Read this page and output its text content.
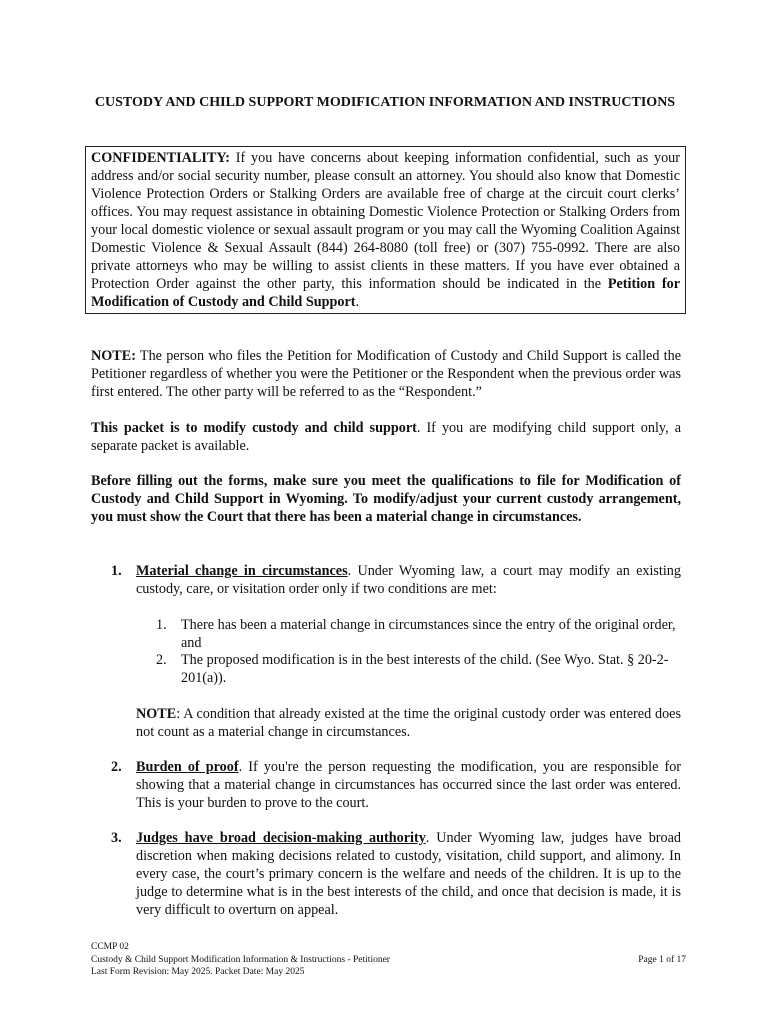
CUSTODY AND CHILD SUPPORT MODIFICATION INFORMATION AND INSTRUCTIONS
CONFIDENTIALITY: If you have concerns about keeping information confidential, such as your address and/or social security number, please consult an attorney. You should also know that Domestic Violence Protection Orders or Stalking Orders are available free of charge at the circuit court clerks’ offices. You may request assistance in obtaining Domestic Violence Protection or Stalking Orders from your local domestic violence or sexual assault program or you may call the Wyoming Coalition Against Domestic Violence & Sexual Assault (844) 264-8080 (toll free) or (307) 755-0992. There are also private attorneys who may be willing to assist clients in these matters. If you have ever obtained a Protection Order against the other party, this information should be indicated in the Petition for Modification of Custody and Child Support.
NOTE: The person who files the Petition for Modification of Custody and Child Support is called the Petitioner regardless of whether you were the Petitioner or the Respondent when the previous order was first entered. The other party will be referred to as the “Respondent.”
This packet is to modify custody and child support. If you are modifying child support only, a separate packet is available.
Before filling out the forms, make sure you meet the qualifications to file for Modification of Custody and Child Support in Wyoming. To modify/adjust your current custody arrangement, you must show the Court that there has been a material change in circumstances.
1. Material change in circumstances. Under Wyoming law, a court may modify an existing custody, care, or visitation order only if two conditions are met:
1. There has been a material change in circumstances since the entry of the original order, and
2. The proposed modification is in the best interests of the child. (See Wyo. Stat. § 20-2-201(a)).
NOTE: A condition that already existed at the time the original custody order was entered does not count as a material change in circumstances.
2. Burden of proof. If you're the person requesting the modification, you are responsible for showing that a material change in circumstances has occurred since the last order was entered. This is your burden to prove to the court.
3. Judges have broad decision-making authority. Under Wyoming law, judges have broad discretion when making decisions related to custody, visitation, child support, and alimony. In every case, the court’s primary concern is the welfare and needs of the children. It is up to the judge to determine what is in the best interests of the child, and once that decision is made, it is very difficult to overturn on appeal.
CCMP 02
Custody & Child Support Modification Information & Instructions - Petitioner
Last Form Revision: May 2025. Packet Date: May 2025
Page 1 of 17
